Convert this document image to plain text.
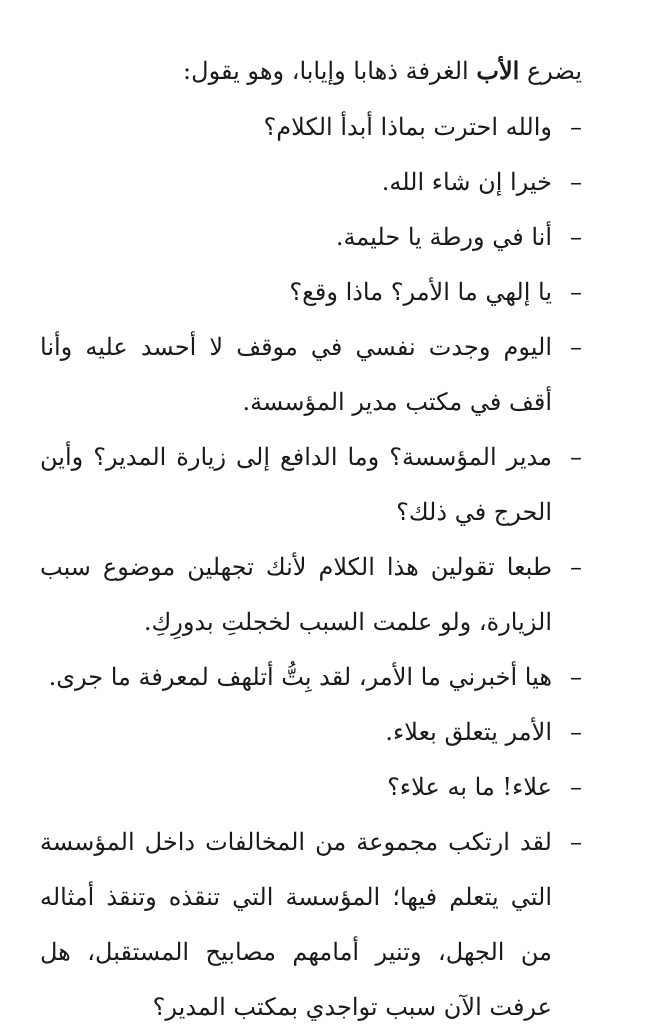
يضرع الأب الغرفة ذهابا وإيابا، وهو يقول:

–
والله احترت بماذا أبدأ الكلام؟
–
خيرا إن شاء الله.
–
أنا في ورطة يا حليمة.
–
يا إلهي ما الأمر؟ ماذا وقع؟
–
اليوم وجدت نفسي في موقف لا أحسد عليه وأنا أقف في مكتب مدير المؤسسة.
–
مدير المؤسسة؟ وما الدافع إلى زيارة المدير؟ وأين الحرج في ذلك؟
–
طبعا تقولين هذا الكلام لأنك تجهلين موضوع سبب الزيارة، ولو علمت السبب لخجلتِ بدورِكِ.
–
هيا أخبرني ما الأمر، لقد بِتُّ أتلهف لمعرفة ما جرى.
–
الأمر يتعلق بعلاء.
–
علاء! ما به علاء؟
–
لقد ارتكب مجموعة من المخالفات داخل المؤسسة التي يتعلم فيها؛ المؤسسة التي تنقذه وتنقذ أمثاله من الجهل، وتنير أمامهم مصابيح المستقبل، هل عرفت الآن سبب تواجدي بمكتب المدير؟
